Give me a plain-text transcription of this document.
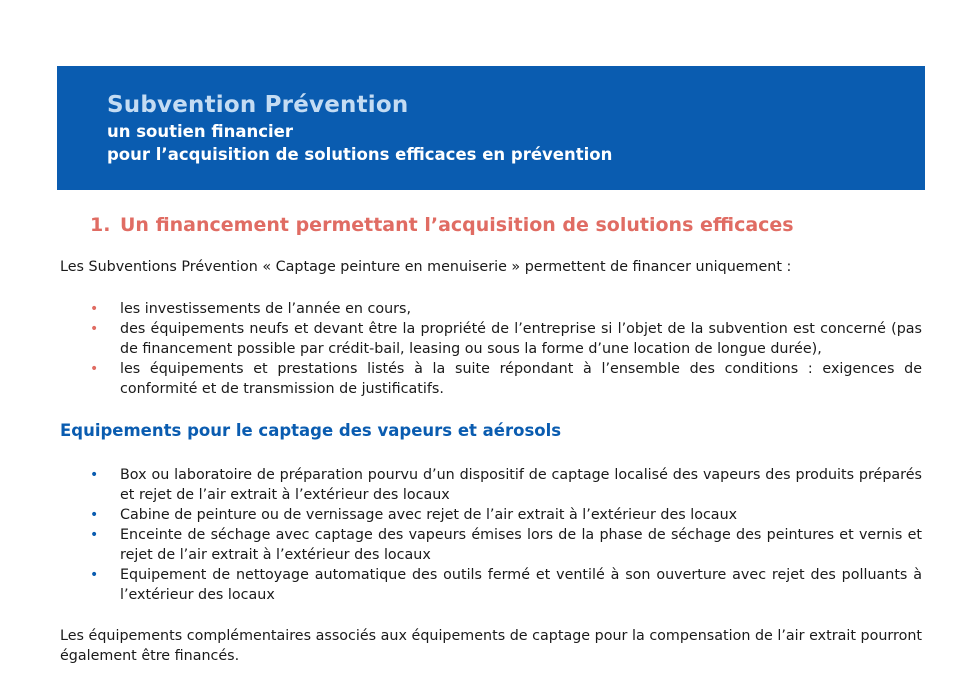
Subvention Prévention
un soutien financier
pour l’acquisition de solutions efficaces en prévention
1. Un financement permettant l’acquisition de solutions efficaces
Les Subventions Prévention « Captage peinture en menuiserie » permettent de financer uniquement :
• les investissements de l’année en cours,
• des équipements neufs et devant être la propriété de l’entreprise si l’objet de la subvention est concerné (pas de financement possible par crédit-bail, leasing ou sous la forme d’une location de longue durée),
• les équipements et prestations listés à la suite répondant à l’ensemble des conditions : exigences de conformité et de transmission de justificatifs.
Equipements pour le captage des vapeurs et aérosols
• Box ou laboratoire de préparation pourvu d’un dispositif de captage localisé des vapeurs des produits préparés et rejet de l’air extrait à l’extérieur des locaux
• Cabine de peinture ou de vernissage avec rejet de l’air extrait à l’extérieur des locaux
• Enceinte de séchage avec captage des vapeurs émises lors de la phase de séchage des peintures et vernis et rejet de l’air extrait à l’extérieur des locaux
• Equipement de nettoyage automatique des outils fermé et ventilé à son ouverture avec rejet des polluants à l’extérieur des locaux
Les équipements complémentaires associés aux équipements de captage pour la compensation de l’air extrait pourront également être financés.
